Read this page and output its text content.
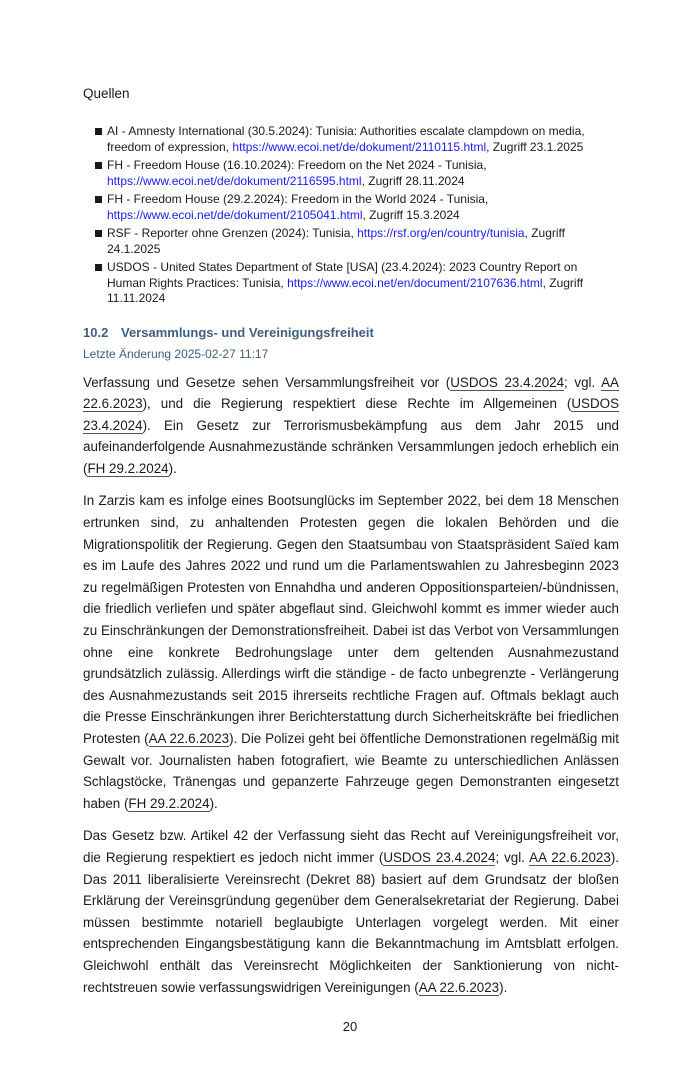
Quellen
AI - Amnesty International (30.5.2024): Tunisia: Authorities escalate clampdown on media, freedom of expression, https://www.ecoi.net/de/dokument/2110115.html, Zugriff 23.1.2025
FH - Freedom House (16.10.2024): Freedom on the Net 2024 - Tunisia, https://www.ecoi.net/de/dokument/2116595.html, Zugriff 28.11.2024
FH - Freedom House (29.2.2024): Freedom in the World 2024 - Tunisia, https://www.ecoi.net/de/dokument/2105041.html, Zugriff 15.3.2024
RSF - Reporter ohne Grenzen (2024): Tunisia, https://rsf.org/en/country/tunisia, Zugriff 24.1.2025
USDOS - United States Department of State [USA] (23.4.2024): 2023 Country Report on Human Rights Practices: Tunisia, https://www.ecoi.net/en/document/2107636.html, Zugriff 11.11.2024
10.2 Versammlungs- und Vereinigungsfreiheit
Letzte Änderung 2025-02-27 11:17

Verfassung und Gesetze sehen Versammlungsfreiheit vor (USDOS 23.4.2024; vgl. AA 22.6.2023), und die Regierung respektiert diese Rechte im Allgemeinen (USDOS 23.4.2024). Ein Gesetz zur Terrorismusbekämpfung aus dem Jahr 2015 und aufeinanderfolgende Ausnahmezustände schränken Versammlungen jedoch erheblich ein (FH 29.2.2024).

In Zarzis kam es infolge eines Bootsunglücks im September 2022, bei dem 18 Menschen ertrunken sind, zu anhaltenden Protesten gegen die lokalen Behörden und die Migrationspolitik der Regierung. Gegen den Staatsumbau von Staatspräsident Saïed kam es im Laufe des Jahres 2022 und rund um die Parlamentswahlen zu Jahresbeginn 2023 zu regelmäßigen Protesten von Ennahdha und anderen Oppositionsparteien/-bündnissen, die friedlich verliefen und später abgeflaut sind. Gleichwohl kommt es immer wieder auch zu Einschränkungen der Demonstrationsfreiheit. Dabei ist das Verbot von Versammlungen ohne eine konkrete Bedrohungslage unter dem geltenden Ausnahmezustand grundsätzlich zulässig. Allerdings wirft die ständige - de facto unbegrenzte - Verlängerung des Ausnahmezustands seit 2015 ihrerseits rechtliche Fragen auf. Oftmals beklagt auch die Presse Einschränkungen ihrer Berichterstattung durch Sicherheitskräfte bei friedlichen Protesten (AA 22.6.2023). Die Polizei geht bei öffentliche Demonstrationen regelmäßig mit Gewalt vor. Journalisten haben fotografiert, wie Beamte zu unterschiedlichen Anlässen Schlagstöcke, Tränengas und gepanzerte Fahrzeuge gegen Demonstranten eingesetzt haben (FH 29.2.2024).

Das Gesetz bzw. Artikel 42 der Verfassung sieht das Recht auf Vereinigungsfreiheit vor, die Regierung respektiert es jedoch nicht immer (USDOS 23.4.2024; vgl. AA 22.6.2023). Das 2011 liberalisierte Vereinsrecht (Dekret 88) basiert auf dem Grundsatz der bloßen Erklärung der Vereinsgründung gegenüber dem Generalsekretariat der Regierung. Dabei müssen bestimmte notariell beglaubigte Unterlagen vorgelegt werden. Mit einer entsprechenden Eingangsbestätigung kann die Bekanntmachung im Amtsblatt erfolgen. Gleichwohl enthält das Vereinsrecht Möglichkeiten der Sanktionierung von nicht-rechtstreuen sowie verfassungswidrigen Vereinigungen (AA 22.6.2023).

20
